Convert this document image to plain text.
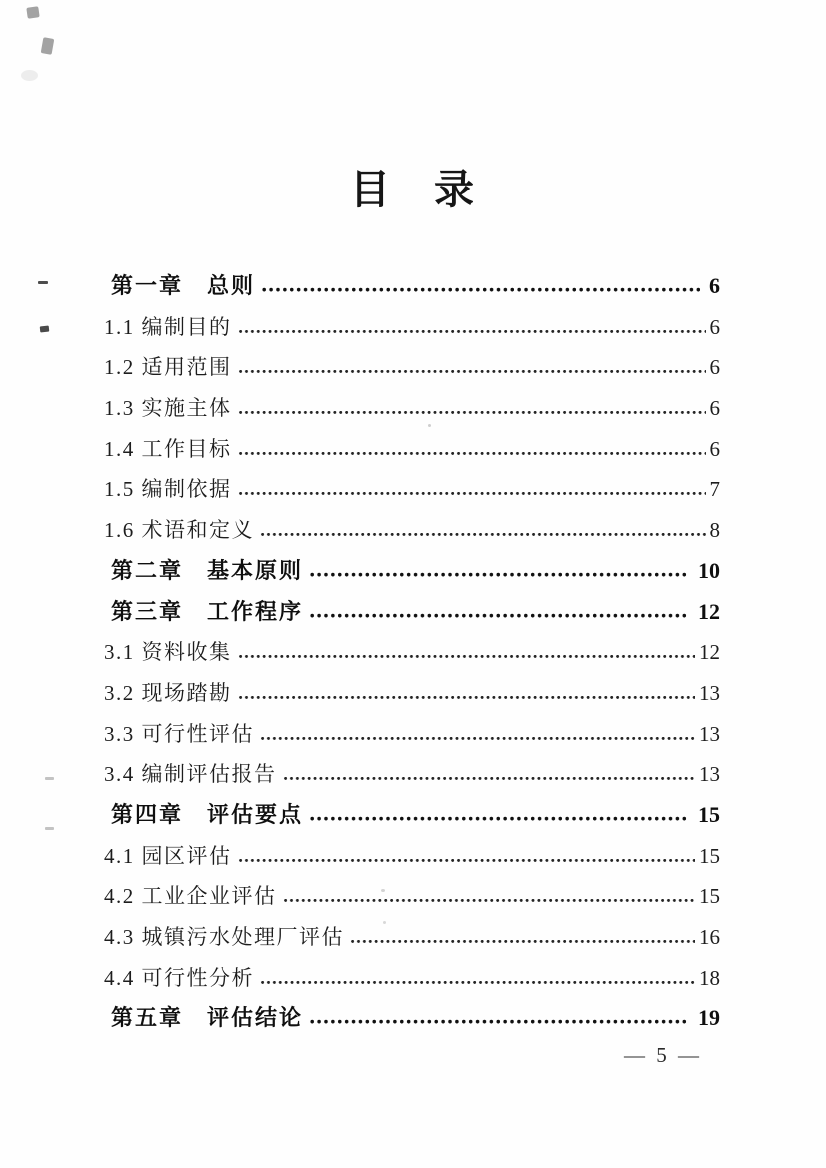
目　录
第一章　总则	6
1.1 编制目的	6
1.2 适用范围	6
1.3 实施主体	6
1.4 工作目标	6
1.5 编制依据	7
1.6 术语和定义	8
第二章　基本原则	10
第三章　工作程序	12
3.1 资料收集	12
3.2 现场踏勘	13
3.3 可行性评估	13
3.4 编制评估报告	13
第四章　评估要点	15
4.1 园区评估	15
4.2 工业企业评估	15
4.3 城镇污水处理厂评估	16
4.4 可行性分析	18
第五章　评估结论	19
— 5 —
